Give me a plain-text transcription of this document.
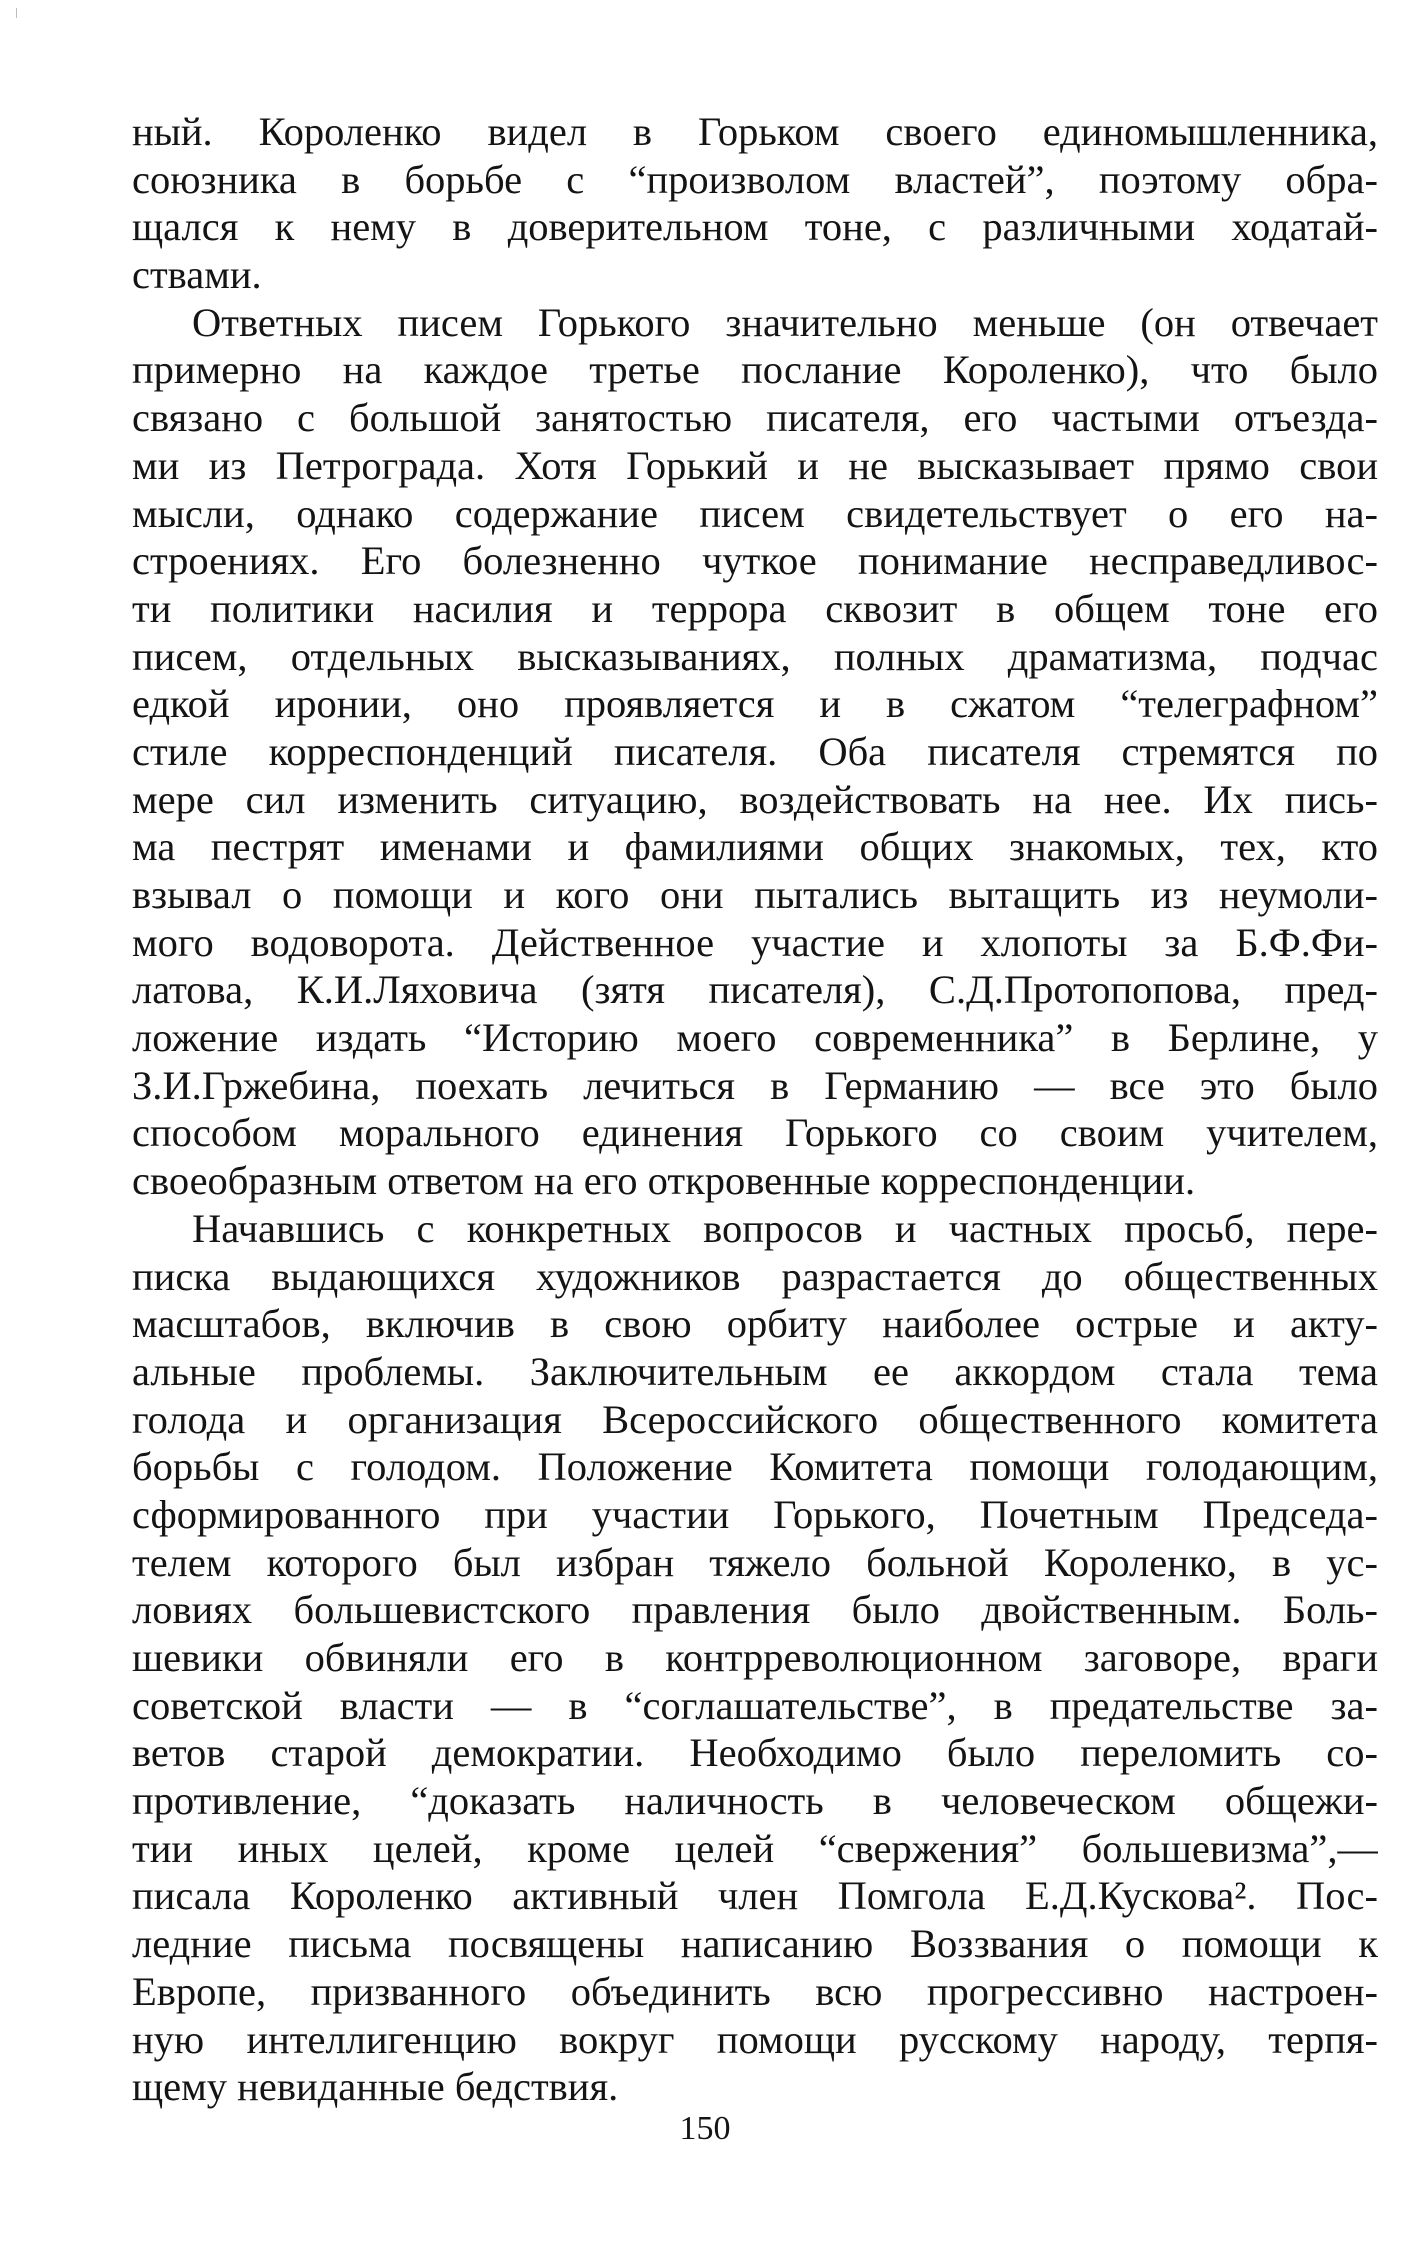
ный. Короленко видел в Горьком своего единомышленника,
союзника в борьбе с “произволом властей”, поэтому обра-
щался к нему в доверительном тоне, с различными ходатай-
ствами.
Ответных писем Горького значительно меньше (он отвечает
примерно на каждое третье послание Короленко), что было
связано с большой занятостью писателя, его частыми отъезда-
ми из Петрограда. Хотя Горький и не высказывает прямо свои
мысли, однако содержание писем свидетельствует о его на-
строениях. Его болезненно чуткое понимание несправедливос-
ти политики насилия и террора сквозит в общем тоне его
писем, отдельных высказываниях, полных драматизма, подчас
едкой иронии, оно проявляется и в сжатом “телеграфном”
стиле корреспонденций писателя. Оба писателя стремятся по
мере сил изменить ситуацию, воздействовать на нее. Их пись-
ма пестрят именами и фамилиями общих знакомых, тех, кто
взывал о помощи и кого они пытались вытащить из неумоли-
мого водоворота. Действенное участие и хлопоты за Б.Ф.Фи-
латова, К.И.Ляховича (зятя писателя), С.Д.Протопопова, пред-
ложение издать “Историю моего современника” в Берлине, у
З.И.Гржебина, поехать лечиться в Германию — все это было
способом морального единения Горького со своим учителем,
своеобразным ответом на его откровенные корреспонденции.
Начавшись с конкретных вопросов и частных просьб, пере-
писка выдающихся художников разрастается до общественных
масштабов, включив в свою орбиту наиболее острые и акту-
альные проблемы. Заключительным ее аккордом стала тема
голода и организация Всероссийского общественного комитета
борьбы с голодом. Положение Комитета помощи голодающим,
сформированного при участии Горького, Почетным Председа-
телем которого был избран тяжело больной Короленко, в ус-
ловиях большевистского правления было двойственным. Боль-
шевики обвиняли его в контрреволюционном заговоре, враги
советской власти — в “соглашательстве”, в предательстве за-
ветов старой демократии. Необходимо было переломить со-
противление, “доказать наличность в человеческом общежи-
тии иных целей, кроме целей “свержения” большевизма”,—
писала Короленко активный член Помгола Е.Д.Кускова². Пос-
ледние письма посвящены написанию Воззвания о помощи к
Европе, призванного объединить всю прогрессивно настроен-
ную интеллигенцию вокруг помощи русскому народу, терпя-
щему невиданные бедствия.
150
